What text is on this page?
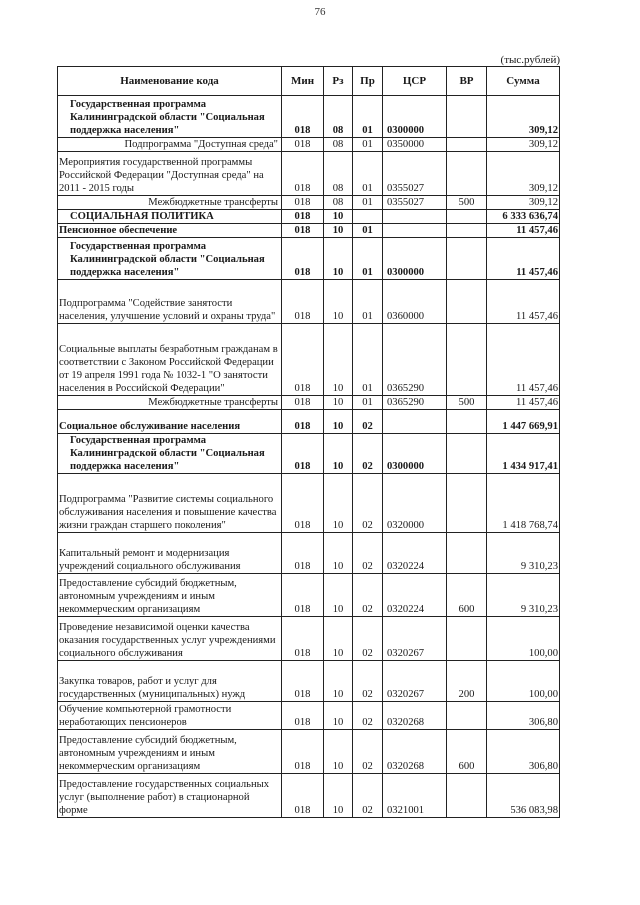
76
(тыс.рублей)
Наименование кода	Мин	Рз	Пр	ЦСР	ВР	Сумма
Государственная программа Калининградской области "Социальная поддержка населения"	018	08	01	0300000		309,12
Подпрограмма "Доступная среда"	018	08	01	0350000		309,12
Мероприятия государственной программы Российской Федерации "Доступная среда" на 2011 - 2015 годы	018	08	01	0355027		309,12
Межбюджетные трансферты	018	08	01	0355027	500	309,12
СОЦИАЛЬНАЯ ПОЛИТИКА	018	10				6 333 636,74
Пенсионное обеспечение	018	10	01			11 457,46
Государственная программа Калининградской области "Социальная поддержка населения"	018	10	01	0300000		11 457,46
Подпрограмма "Содействие занятости населения, улучшение условий и охраны труда"	018	10	01	0360000		11 457,46
Социальные выплаты безработным гражданам в соответствии с Законом Российской Федерации от 19 апреля 1991 года № 1032-1 "О занятости населения в Российской Федерации"	018	10	01	0365290		11 457,46
Межбюджетные трансферты	018	10	01	0365290	500	11 457,46
Социальное обслуживание населения	018	10	02			1 447 669,91
Государственная программа Калининградской области "Социальная поддержка населения"	018	10	02	0300000		1 434 917,41
Подпрограмма "Развитие системы социального обслуживания населения и повышение качества жизни граждан старшего поколения"	018	10	02	0320000		1 418 768,74
Капитальный ремонт и модернизация учреждений социального обслуживания	018	10	02	0320224		9 310,23
Предоставление субсидий бюджетным, автономным учреждениям и иным некоммерческим организациям	018	10	02	0320224	600	9 310,23
Проведение независимой оценки качества оказания государственных услуг учреждениями социального обслуживания	018	10	02	0320267		100,00
Закупка товаров, работ и услуг для государственных (муниципальных) нужд	018	10	02	0320267	200	100,00
Обучение компьютерной грамотности неработающих пенсионеров	018	10	02	0320268		306,80
Предоставление субсидий бюджетным, автономным учреждениям и иным некоммерческим организациям	018	10	02	0320268	600	306,80
Предоставление государственных социальных услуг (выполнение работ) в стационарной форме	018	10	02	0321001		536 083,98
